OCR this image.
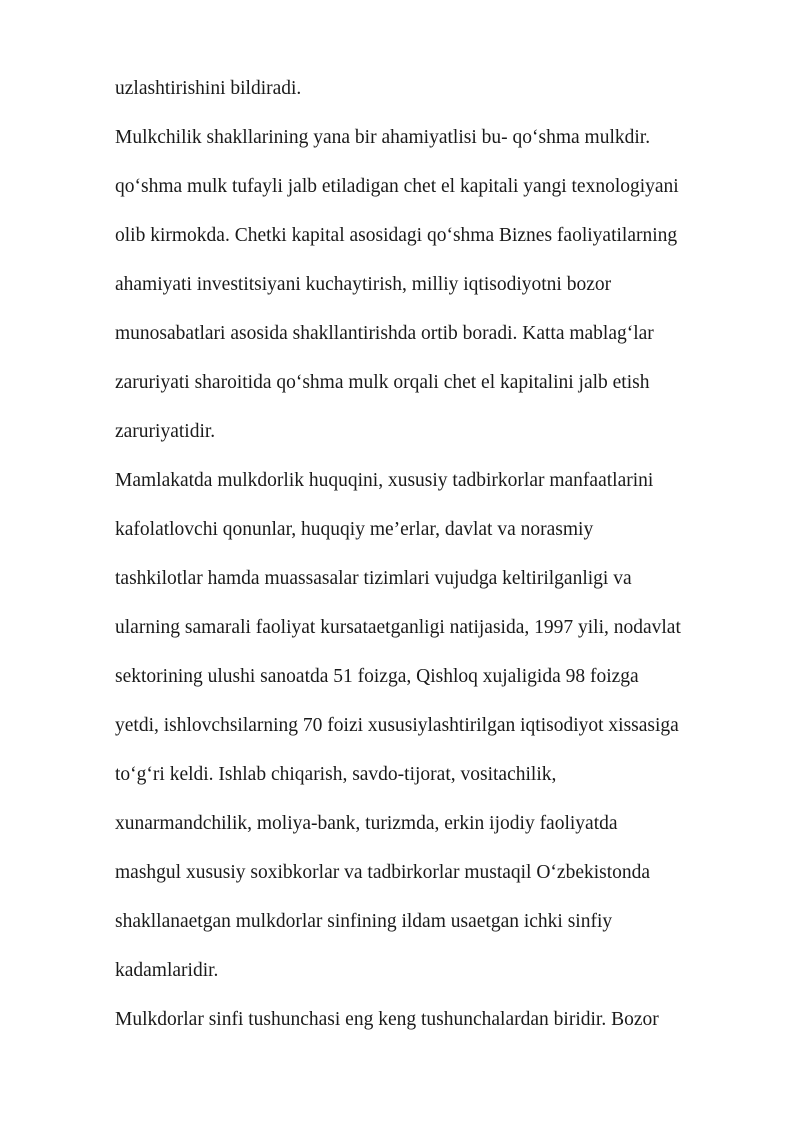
uzlashtirishini bildiradi.
Mulkchilik shakllarining yana bir ahamiyatlisi bu- qo‘shma mulkdir.
qo‘shma mulk tufayli jalb etiladigan chet el kapitali yangi texnologiyani
olib kirmokda. Chetki kapital asosidagi qo‘shma Biznes faoliyatilarning
ahamiyati investitsiyani kuchaytirish, milliy iqtisodiyotni bozor
munosabatlari asosida shakllantirishda ortib boradi. Katta mablag‘lar
zaruriyati sharoitida qo‘shma mulk orqali chet el kapitalini jalb etish
zaruriyatidir.
Mamlakatda mulkdorlik huquqini, xususiy tadbirkorlar manfaatlarini
kafolatlovchi qonunlar, huquqiy me’erlar, davlat va norasmiy
tashkilotlar hamda muassasalar tizimlari vujudga keltirilganligi va
ularning samarali faoliyat kursataetganligi natijasida, 1997 yili, nodavlat
sektorining ulushi sanoatda 51 foizga, Qishloq xujaligida 98 foizga
yetdi, ishlovchsilarning 70 foizi xususiylashtirilgan iqtisodiyot xissasiga
to‘g‘ri keldi. Ishlab chiqarish, savdo-tijorat, vositachilik,
xunarmandchilik, moliya-bank, turizmda, erkin ijodiy faoliyatda
mashgul xususiy soxibkorlar va tadbirkorlar mustaqil O‘zbekistonda
shakllanaetgan mulkdorlar sinfining ildam usaetgan ichki sinfiy
kadamlaridir.
Mulkdorlar sinfi tushunchasi eng keng tushunchalardan biridir. Bozor
